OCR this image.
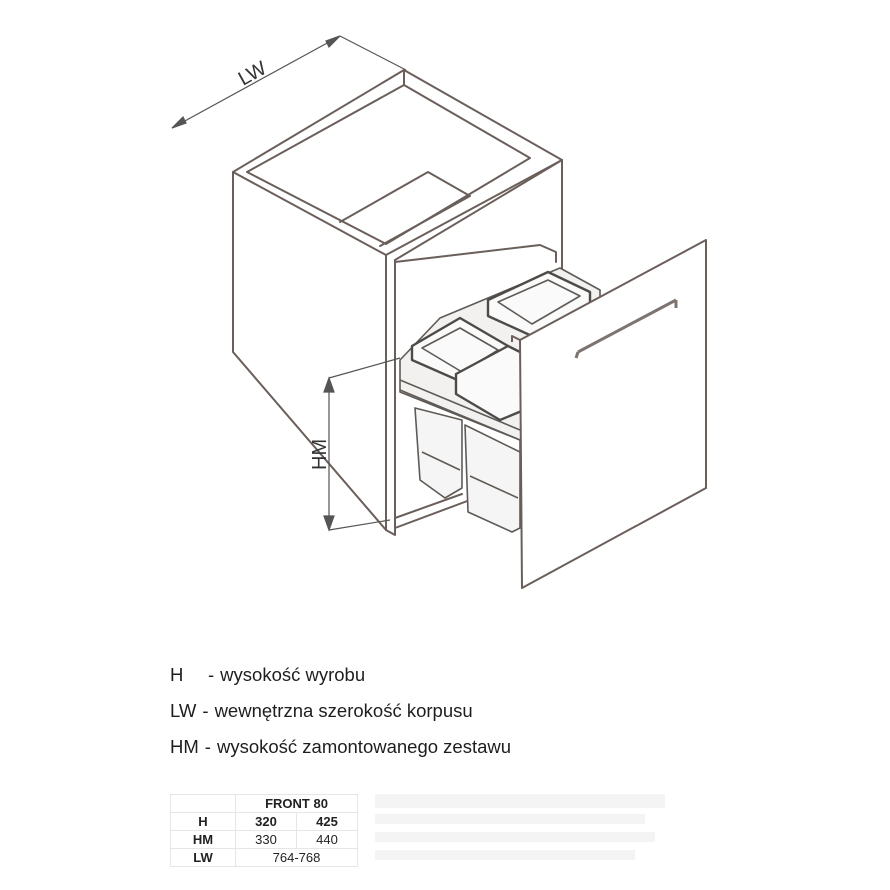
LW
HM
H	- wysokość wyrobu
LW - wewnętrzna szerokość korpusu
HM - wysokość zamontowanego zestawu
	FRONT 80	
H	320	425
HM	330	440
LW	764-768	
